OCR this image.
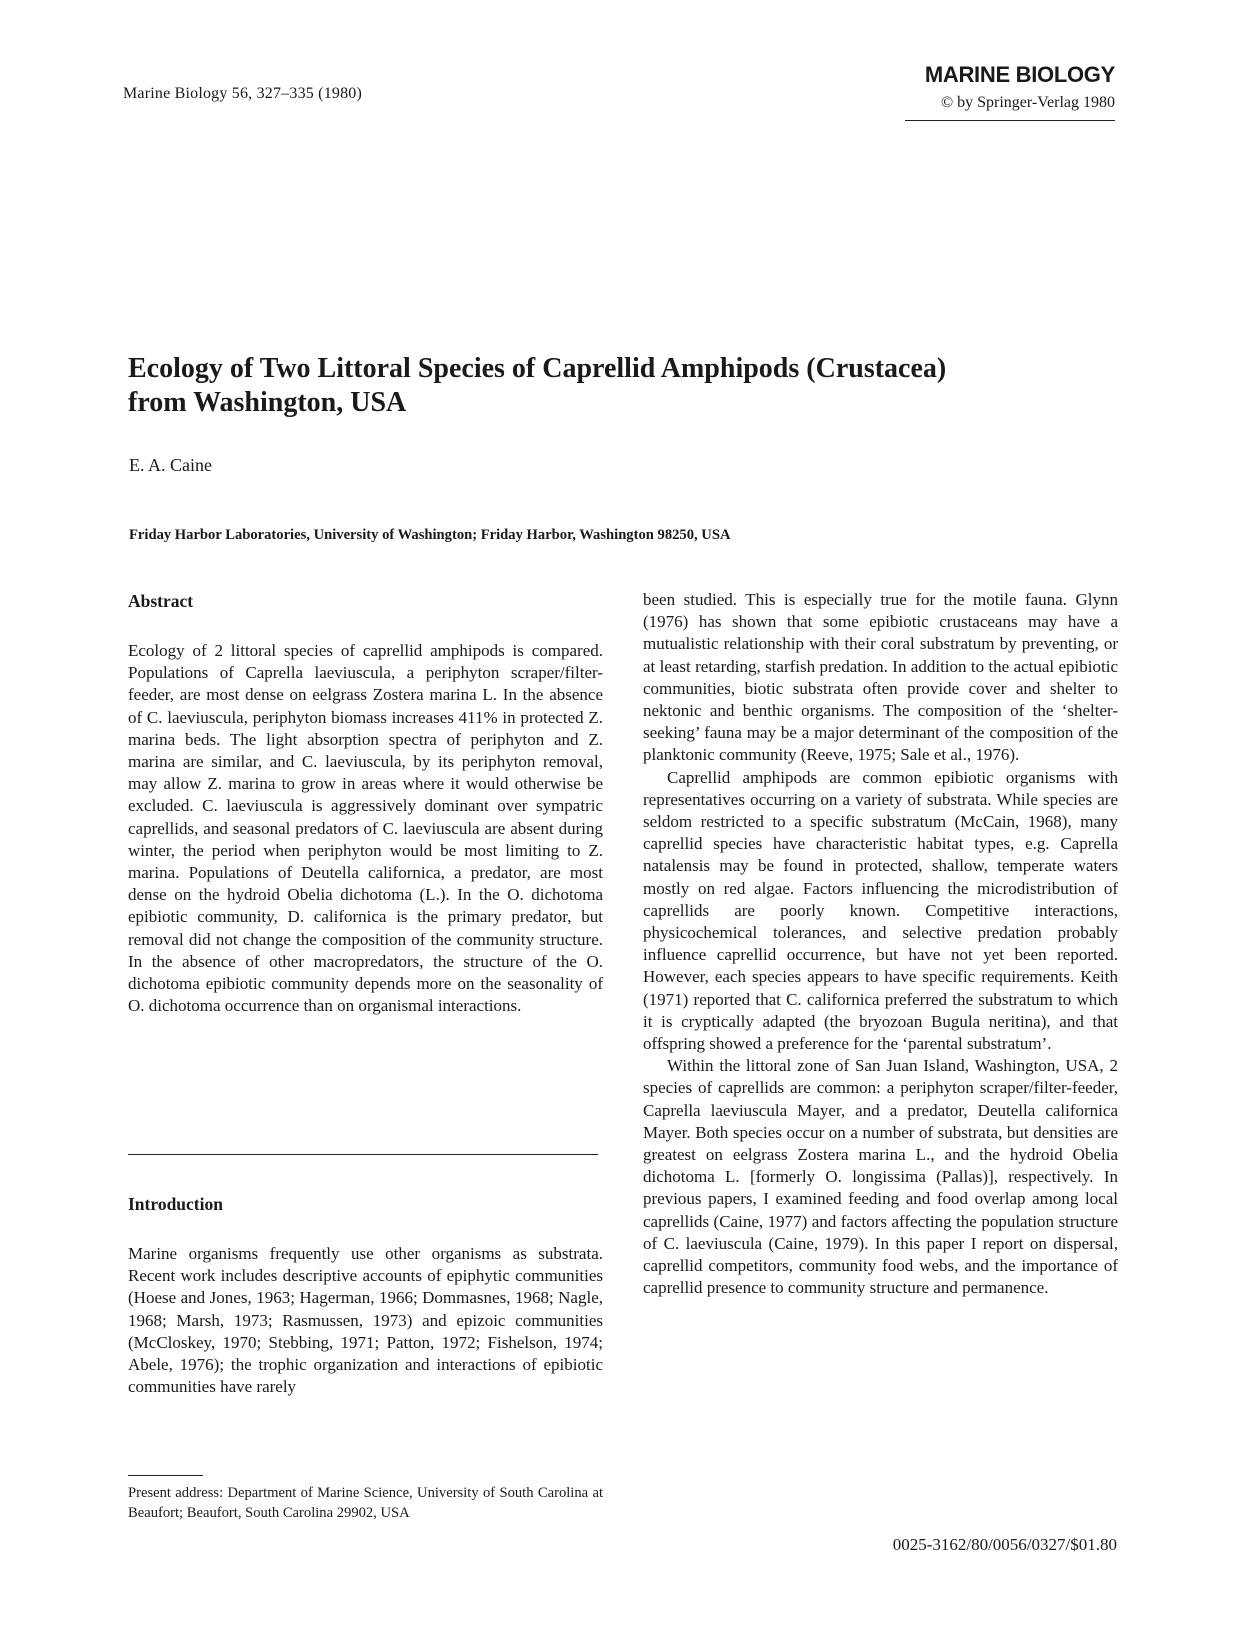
Marine Biology 56, 327–335 (1980)
MARINE BIOLOGY
© by Springer-Verlag 1980
Ecology of Two Littoral Species of Caprellid Amphipods (Crustacea)
from Washington, USA
E. A. Caine
Friday Harbor Laboratories, University of Washington; Friday Harbor, Washington 98250, USA
Abstract

Ecology of 2 littoral species of caprellid amphipods is compared. Populations of Caprella laeviuscula, a periphyton scraper/filter-feeder, are most dense on eelgrass Zostera marina L. In the absence of C. laeviuscula, periphyton biomass increases 411% in protected Z. marina beds. The light absorption spectra of periphyton and Z. marina are similar, and C. laeviuscula, by its periphyton removal, may allow Z. marina to grow in areas where it would otherwise be excluded. C. laeviuscula is aggressively dominant over sympatric caprellids, and seasonal predators of C. laeviuscula are absent during winter, the period when periphyton would be most limiting to Z. marina. Populations of Deutella californica, a predator, are most dense on the hydroid Obelia dichotoma (L.). In the O. dichotoma epibiotic community, D. californica is the primary predator, but removal did not change the composition of the community structure. In the absence of other macropredators, the structure of the O. dichotoma epibiotic community depends more on the seasonality of O. dichotoma occurrence than on organismal interactions.

Introduction

Marine organisms frequently use other organisms as substrata. Recent work includes descriptive accounts of epiphytic communities (Hoese and Jones, 1963; Hagerman, 1966; Dommasnes, 1968; Nagle, 1968; Marsh, 1973; Rasmussen, 1973) and epizoic communities (McCloskey, 1970; Stebbing, 1971; Patton, 1972; Fishelson, 1974; Abele, 1976); the trophic organization and interactions of epibiotic communities have rarely

Present address: Department of Marine Science, University of South Carolina at Beaufort; Beaufort, South Carolina 29902, USA

been studied. This is especially true for the motile fauna. Glynn (1976) has shown that some epibiotic crustaceans may have a mutualistic relationship with their coral substratum by preventing, or at least retarding, starfish predation. In addition to the actual epibiotic communities, biotic substrata often provide cover and shelter to nektonic and benthic organisms. The composition of the ‘shelter-seeking’ fauna may be a major determinant of the composition of the planktonic community (Reeve, 1975; Sale et al., 1976).

Caprellid amphipods are common epibiotic organisms with representatives occurring on a variety of substrata. While species are seldom restricted to a specific substratum (McCain, 1968), many caprellid species have characteristic habitat types, e.g. Caprella natalensis may be found in protected, shallow, temperate waters mostly on red algae. Factors influencing the microdistribution of caprellids are poorly known. Competitive interactions, physicochemical tolerances, and selective predation probably influence caprellid occurrence, but have not yet been reported. However, each species appears to have specific requirements. Keith (1971) reported that C. californica preferred the substratum to which it is cryptically adapted (the bryozoan Bugula neritina), and that offspring showed a preference for the ‘parental substratum’.

Within the littoral zone of San Juan Island, Washington, USA, 2 species of caprellids are common: a periphyton scraper/filter-feeder, Caprella laeviuscula Mayer, and a predator, Deutella californica Mayer. Both species occur on a number of substrata, but densities are greatest on eelgrass Zostera marina L., and the hydroid Obelia dichotoma L. [formerly O. longissima (Pallas)], respectively. In previous papers, I examined feeding and food overlap among local caprellids (Caine, 1977) and factors affecting the population structure of C. laeviuscula (Caine, 1979). In this paper I report on dispersal, caprellid competitors, community food webs, and the importance of caprellid presence to community structure and permanence.

0025-3162/80/0056/0327/$01.80
